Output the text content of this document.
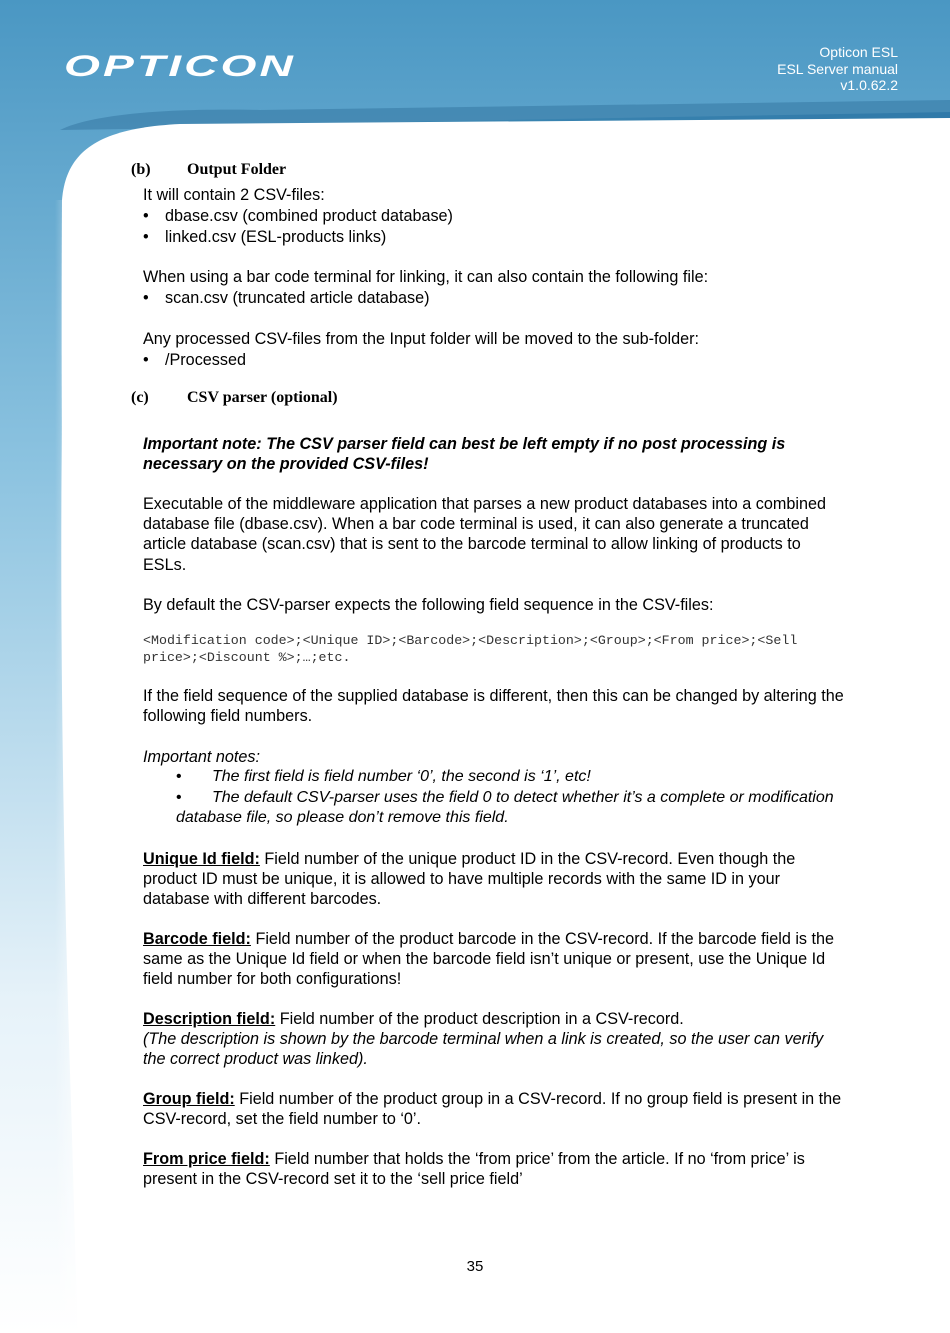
OPTICON	Opticon ESL
ESL Server manual
v1.0.62.2
(b) Output Folder
It will contain 2 CSV-files:
• dbase.csv (combined product database)
• linked.csv (ESL-products links)
When using a bar code terminal for linking, it can also contain the following file:
• scan.csv (truncated article database)
Any processed CSV-files from the Input folder will be moved to the sub-folder:
• /Processed
(c) CSV parser (optional)
Important note: The CSV parser field can best be left empty if no post processing is
necessary on the provided CSV-files!
Executable of the middleware application that parses a new product databases into a combined
database file (dbase.csv). When a bar code terminal is used, it can also generate a truncated
article database (scan.csv) that is sent to the barcode terminal to allow linking of products to
ESLs.
By default the CSV-parser expects the following field sequence in the CSV-files:
<Modification code>;<Unique ID>;<Barcode>;<Description>;<Group>;<From price>;<Sell
price>;<Discount %>;…;etc.
If the field sequence of the supplied database is different, then this can be changed by altering the
following field numbers.
Important notes:
• The first field is field number ‘0’, the second is ‘1’, etc!
• The default CSV-parser uses the field 0 to detect whether it’s a complete or modification
database file, so please don’t remove this field.
Unique Id field: Field number of the unique product ID in the CSV-record. Even though the
product ID must be unique, it is allowed to have multiple records with the same ID in your
database with different barcodes.
Barcode field: Field number of the product barcode in the CSV-record. If the barcode field is the
same as the Unique Id field or when the barcode field isn’t unique or present, use the Unique Id
field number for both configurations!
Description field: Field number of the product description in a CSV-record.
(The description is shown by the barcode terminal when a link is created, so the user can verify
the correct product was linked).
Group field: Field number of the product group in a CSV-record. If no group field is present in the
CSV-record, set the field number to ‘0’.
From price field: Field number that holds the ‘from price’ from the article. If no ‘from price’ is
present in the CSV-record set it to the ‘sell price field’
35
